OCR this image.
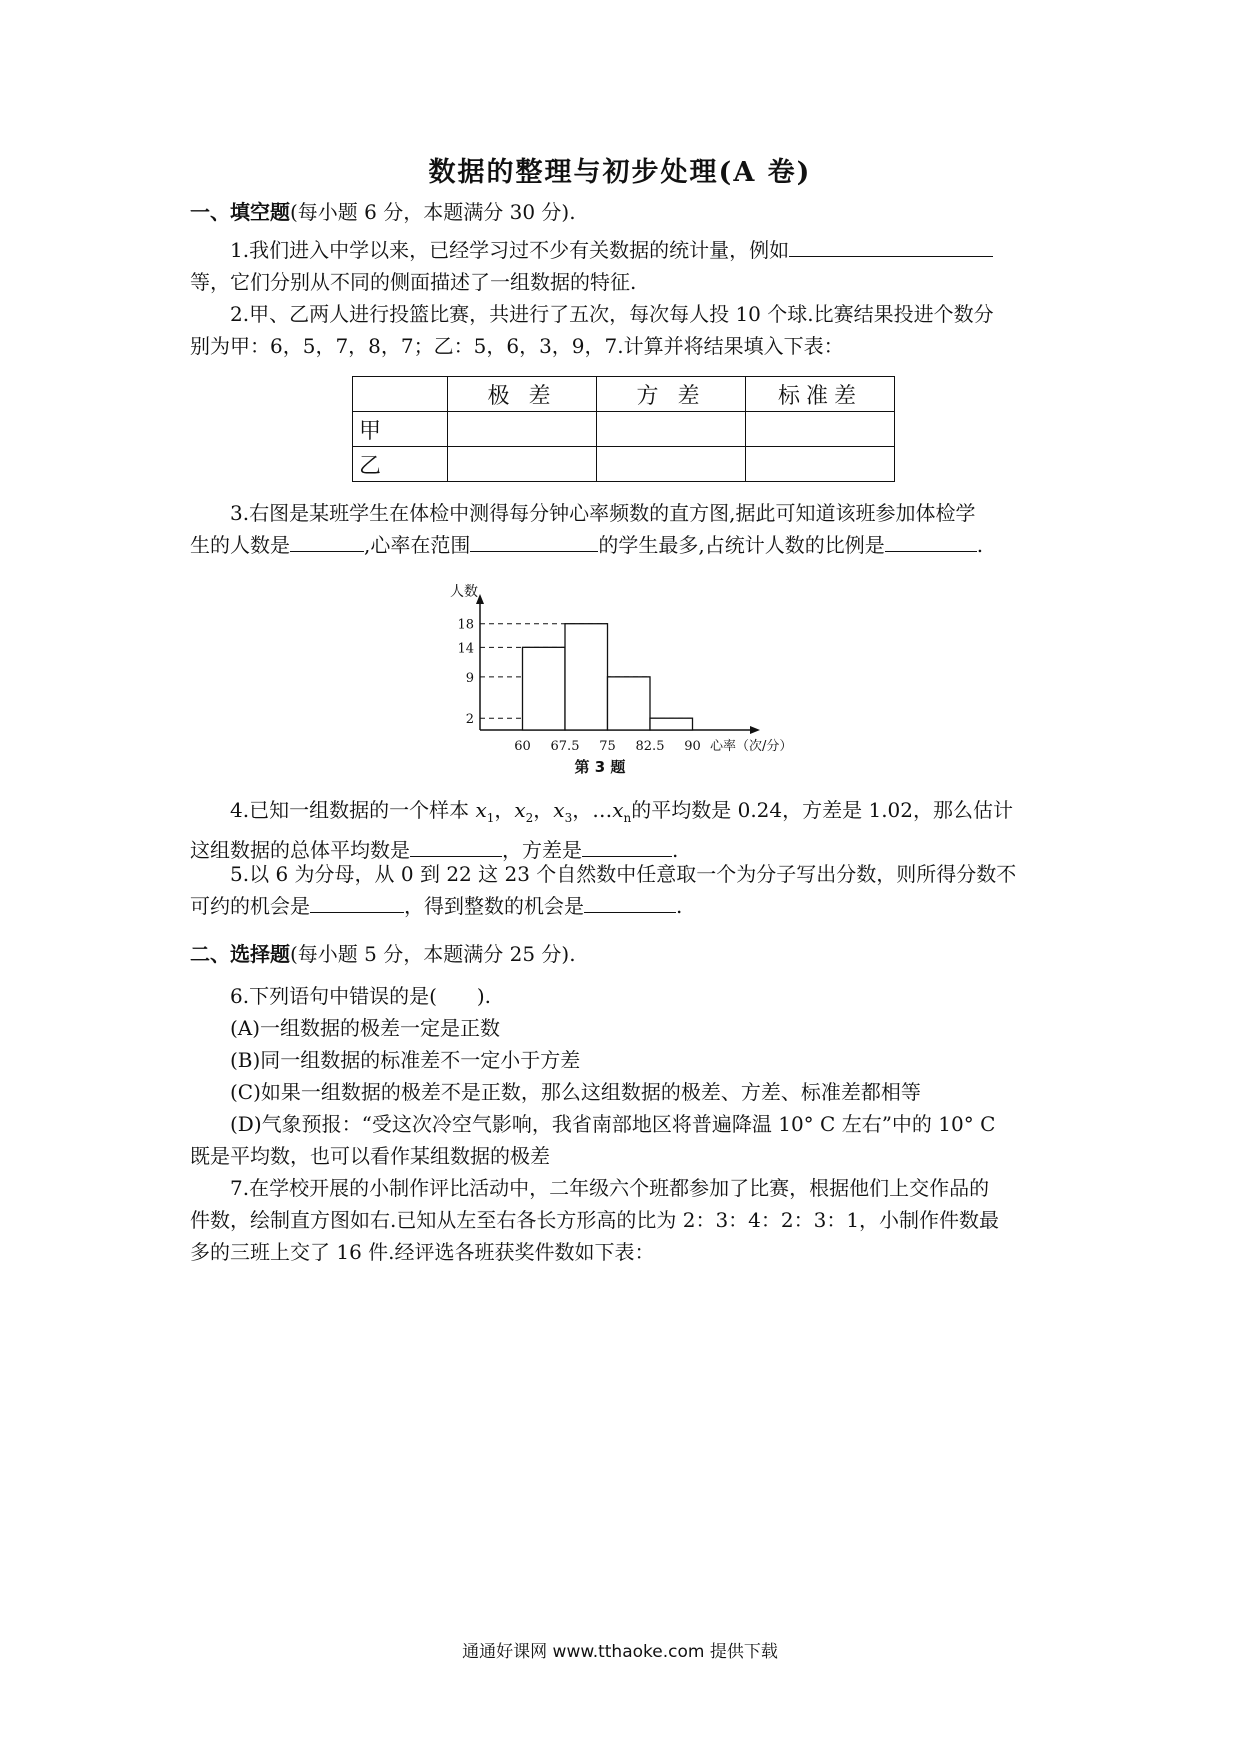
数据的整理与初步处理(A 卷)
一、填空题(每小题 6 分，本题满分 30 分).
1.我们进入中学以来，已经学习过不少有关数据的统计量，例如
等，它们分别从不同的侧面描述了一组数据的特征.
2.甲、乙两人进行投篮比赛，共进行了五次，每次每人投 10 个球.比赛结果投进个数分
别为甲：6，5，7，8，7；乙：5，6，3，9，7.计算并将结果填入下表：
	极 差	方 差	标准差
甲			
乙			
3.右图是某班学生在体检中测得每分钟心率频数的直方图,据此可知道该班参加体检学
生的人数是	,心率在范围	的学生最多,占统计人数的比例是	.
2
9
14
18
60 67.5 75 82.5 90
人数
心率（次/分）
第 3 题
4.已知一组数据的一个样本 $x_1$，$x_2$，$x_3$，$\dots x_n$的平均数是 0.24，方差是 1.02，那么估计
这组数据的总体平均数是	，方差是	.
5.以 6 为分母，从 0 到 22 这 23 个自然数中任意取一个为分子写出分数，则所得分数不
可约的机会是	，得到整数的机会是	.
二、选择题(每小题 5 分，本题满分 25 分).
6.下列语句中错误的是(　　).
(A)一组数据的极差一定是正数
(B)同一组数据的标准差不一定小于方差
(C)如果一组数据的极差不是正数，那么这组数据的极差、方差、标准差都相等
(D)气象预报：“受这次冷空气影响，我省南部地区将普遍降温 10° C 左右”中的 10° C
既是平均数，也可以看作某组数据的极差
7.在学校开展的小制作评比活动中，二年级六个班都参加了比赛，根据他们上交作品的
件数，绘制直方图如右.已知从左至右各长方形高的比为 2：3：4：2：3：1，小制作件数最
多的三班上交了 16 件.经评选各班获奖件数如下表：
通通好课网 www.tthaoke.com 提供下载
